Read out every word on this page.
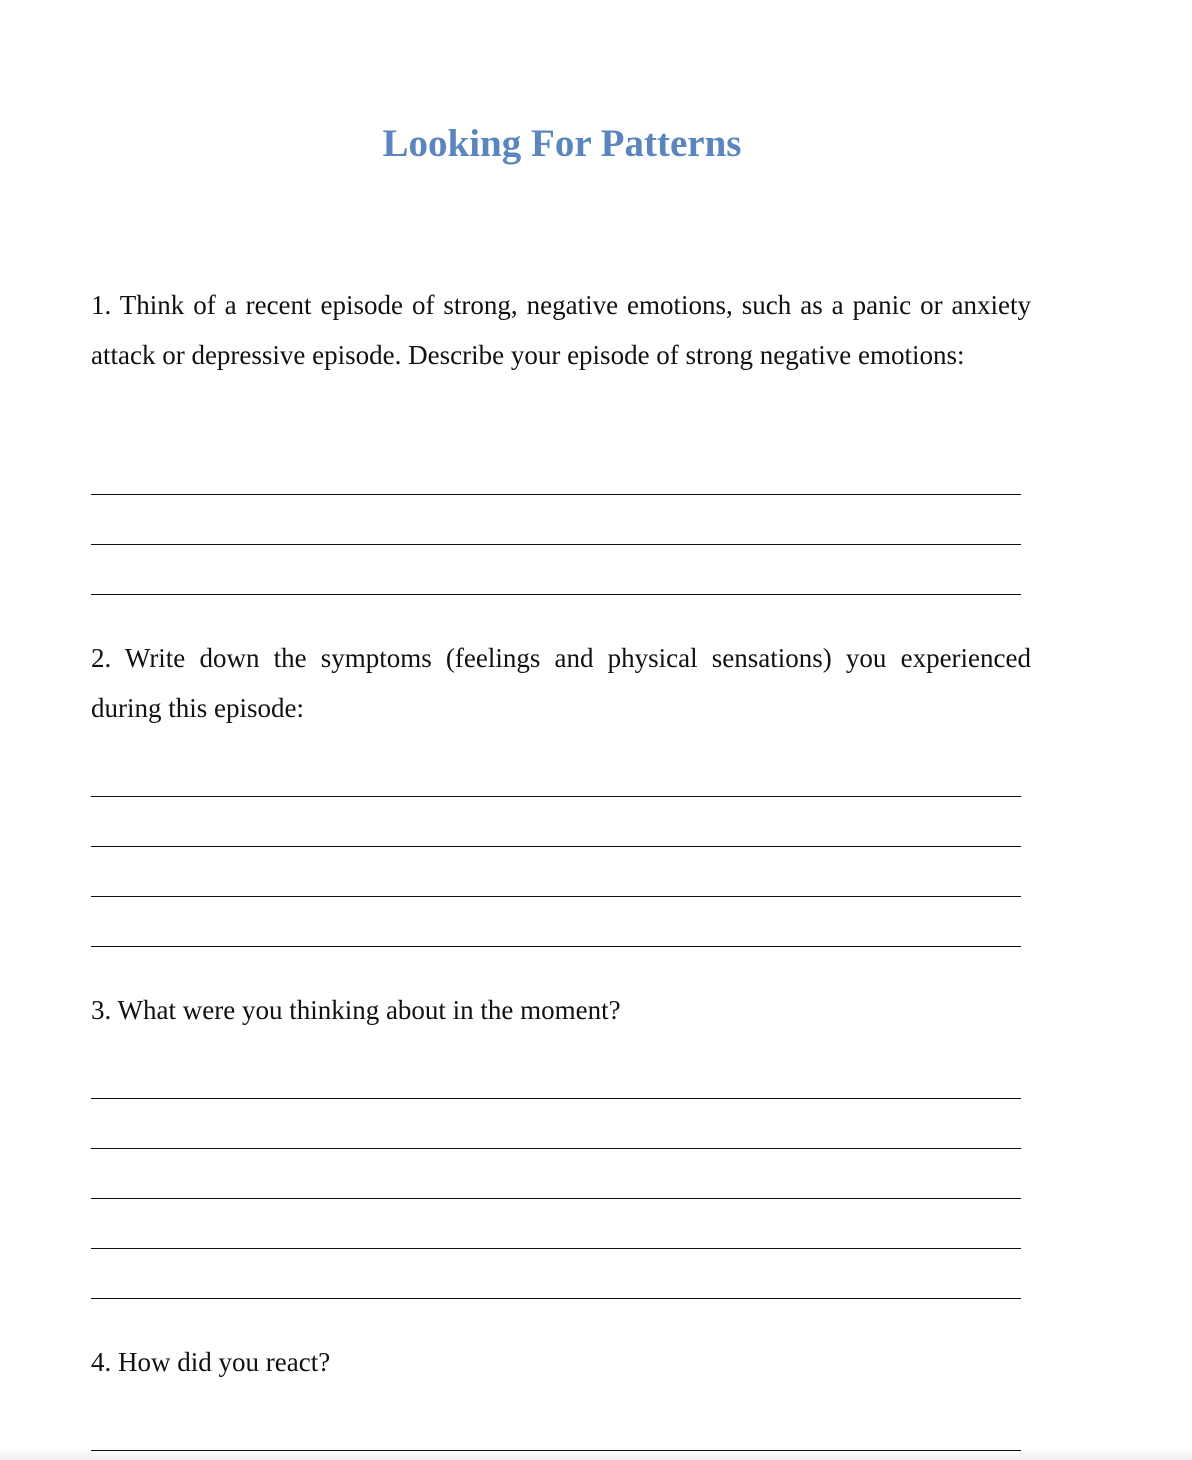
Looking For Patterns
1. Think of a recent episode of strong, negative emotions, such as a panic or anxiety attack or depressive episode. Describe your episode of strong negative emotions:
2. Write down the symptoms (feelings and physical sensations) you experienced during this episode:
3. What were you thinking about in the moment?
4. How did you react?
